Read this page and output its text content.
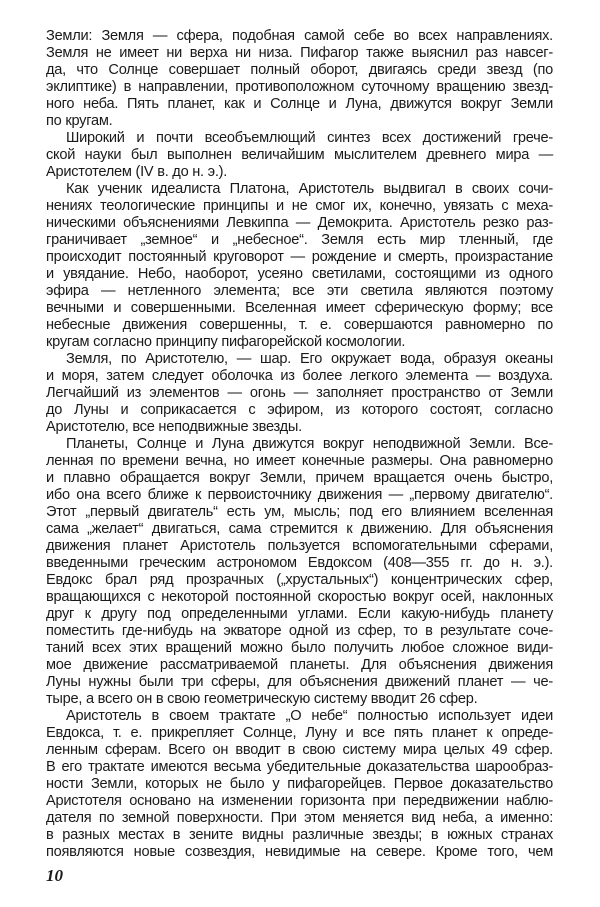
Земли: Земля — сфера, подобная самой себе во всех направлениях.
Земля не имеет ни верха ни низа. Пифагор также выяснил раз навсег-
да, что Солнце совершает полный оборот, двигаясь среди звезд (по
эклиптике) в направлении, противоположном суточному вращению звезд-
ного неба. Пять планет, как и Солнце и Луна, движутся вокруг Земли
по кругам.
Широкий и почти всеобъемлющий синтез всех достижений грече-
ской науки был выполнен величайшим мыслителем древнего мира —
Аристотелем (IV в. до н. э.).
Как ученик идеалиста Платона, Аристотель выдвигал в своих сочи-
нениях теологические принципы и не смог их, конечно, увязать с меха-
ническими объяснениями Левкиппа — Демокрита. Аристотель резко раз-
граничивает „земное“ и „небесное“. Земля есть мир тленный, где
происходит постоянный круговорот — рождение и смерть, произрастание
и увядание. Небо, наоборот, усеяно светилами, состоящими из одного
эфира — нетленного элемента; все эти светила являются поэтому
вечными и совершенными. Вселенная имеет сферическую форму; все
небесные движения совершенны, т. е. совершаются равномерно по
кругам согласно принципу пифагорейской космологии.
Земля, по Аристотелю, — шар. Его окружает вода, образуя океаны
и моря, затем следует оболочка из более легкого элемента — воздуха.
Легчайший из элементов — огонь — заполняет пространство от Земли
до Луны и соприкасается с эфиром, из которого состоят, согласно
Аристотелю, все неподвижные звезды.
Планеты, Солнце и Луна движутся вокруг неподвижной Земли. Все-
ленная по времени вечна, но имеет конечные размеры. Она равномерно
и плавно обращается вокруг Земли, причем вращается очень быстро,
ибо она всего ближе к первоисточнику движения — „первому двигателю“.
Этот „первый двигатель“ есть ум, мысль; под его влиянием вселенная
сама „желает“ двигаться, сама стремится к движению. Для объяснения
движения планет Аристотель пользуется вспомогательными сферами,
введенными греческим астрономом Евдоксом (408—355 гг. до н. э.).
Евдокс брал ряд прозрачных („хрустальных“) концентрических сфер,
вращающихся с некоторой постоянной скоростью вокруг осей, наклонных
друг к другу под определенными углами. Если какую-нибудь планету
поместить где-нибудь на экваторе одной из сфер, то в результате соче-
таний всех этих вращений можно было получить любое сложное види-
мое движение рассматриваемой планеты. Для объяснения движения
Луны нужны были три сферы, для объяснения движений планет — че-
тыре, а всего он в свою геометрическую систему вводит 26 сфер.
Аристотель в своем трактате „О небе“ полностью использует идеи
Евдокса, т. е. прикрепляет Солнце, Луну и все пять планет к опреде-
ленным сферам. Всего он вводит в свою систему мира целых 49 сфер.
В его трактате имеются весьма убедительные доказательства шарообраз-
ности Земли, которых не было у пифагорейцев. Первое доказательство
Аристотеля основано на изменении горизонта при передвижении наблю-
дателя по земной поверхности. При этом меняется вид неба, а именно:
в разных местах в зените видны различные звезды; в южных странах
появляются новые созвездия, невидимые на севере. Кроме того, чем
10
